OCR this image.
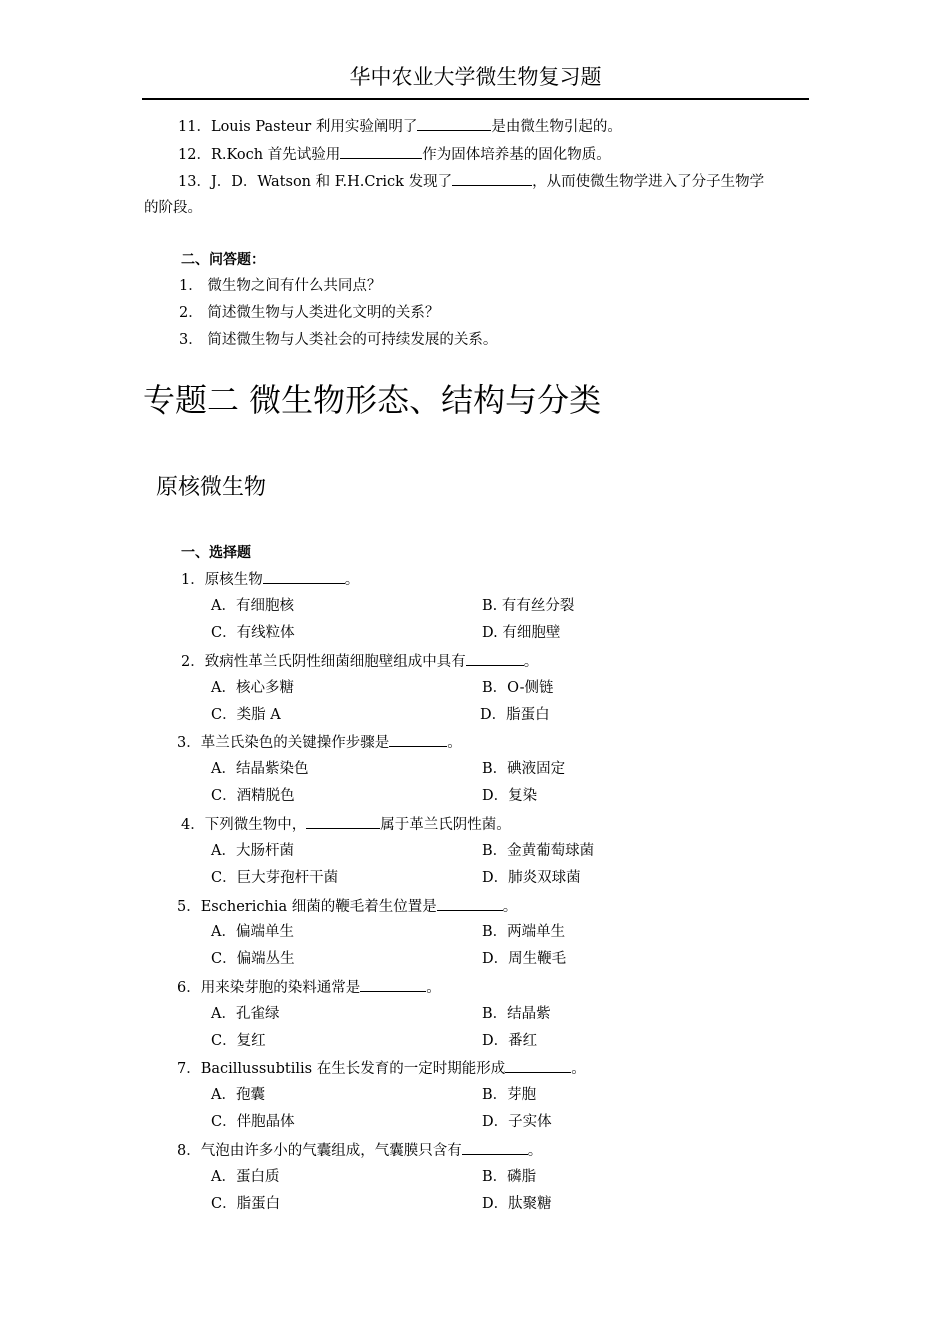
华中农业大学微生物复习题
11．Louis Pasteur 利用实验阐明了	是由微生物引起的。
12．R.Koch 首先试验用	作为固体培养基的固化物质。
13．J．D．Watson 和 F.H.Crick 发现了	，从而使微生物学进入了分子生物学
的阶段。
二、问答题：
1． 微生物之间有什么共同点？
2． 简述微生物与人类进化文明的关系？
3． 简述微生物与人类社会的可持续发展的关系。
专题二 微生物形态、结构与分类
原核微生物
一、选择题
1．原核生物	。
A．有细胞核	B. 有有丝分裂
C．有线粒体	D. 有细胞壁
2．致病性革兰氏阴性细菌细胞壁组成中具有	。
A．核心多糖	B．O-侧链
C．类脂 A	D．脂蛋白
3．革兰氏染色的关键操作步骤是	。
A．结晶紫染色	B．碘液固定
C．酒精脱色	D．复染
4．下列微生物中，	属于革兰氏阴性菌。
A．大肠杆菌	B．金黄葡萄球菌
C．巨大芽孢杆干菌	D．肺炎双球菌
5．Escherichia 细菌的鞭毛着生位置是	。
A．偏端单生	B．两端单生
C．偏端丛生	D．周生鞭毛
6．用来染芽胞的染料通常是	。
A．孔雀绿	B．结晶紫
C．复红	D．番红
7．Bacillussubtilis 在生长发育的一定时期能形成	。
A．孢囊	B．芽胞
C．伴胞晶体	D．子实体
8．气泡由许多小的气囊组成，气囊膜只含有	。
A．蛋白质	B．磷脂
C．脂蛋白	D．肽聚糖
